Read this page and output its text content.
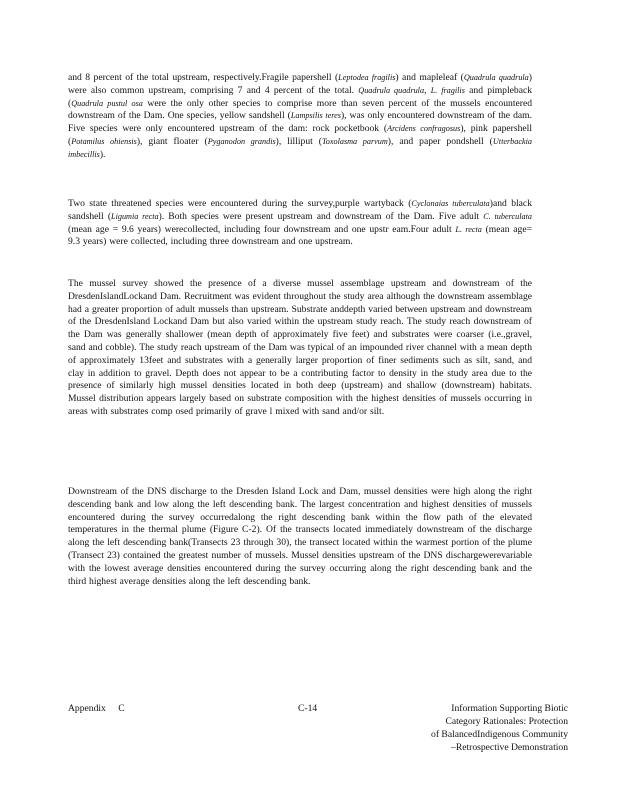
and 8 percent of the total upstream, respectively.Fragile papershell (Leptodea fragilis) and mapleleaf (Quadrula quadrula) were also common upstream, comprising 7 and 4 percent of the total. Quadrula quadrula, L. fragilis and pimpleback (Quadrula pustul osa were the only other species to comprise more than seven percent of the mussels encountered downstream of the Dam. One species, yellow sandshell (Lampsilis teres), was only encountered downstream of the dam. Five species were only encountered upstream of the dam: rock pocketbook (Arcidens confragosus), pink papershell (Potamilus ohiensis), giant floater (Pyganodon grandis), lilliput (Toxolasma parvum), and paper pondshell (Utterbackia imbecillis).

Two state threatened species were encountered during the survey,purple wartyback (Cyclonaias tuberculata)and black sandshell (Ligumia recta). Both species were present upstream and downstream of the Dam. Five adult C. tuberculata (mean age = 9.6 years) werecollected, including four downstream and one upstr eam.Four adult L. recta (mean age= 9.3 years) were collected, including three downstream and one upstream.

The mussel survey showed the presence of a diverse mussel assemblage upstream and downstream of the DresdenIslandLockand Dam. Recruitment was evident throughout the study area although the downstream assemblage had a greater proportion of adult mussels than upstream. Substrate anddepth varied between upstream and downstream of the DresdenIsland Lockand Dam but also varied within the upstream study reach. The study reach downstream of the Dam was generally shallower (mean depth of approximately five feet) and substrates were coarser (i.e.,gravel, sand and cobble). The study reach upstream of the Dam was typical of an impounded river channel with a mean depth of approximately 13feet and substrates with a generally larger proportion of finer sediments such as silt, sand, and clay in addition to gravel. Depth does not appear to be a contributing factor to density in the study area due to the presence of similarly high mussel densities located in both deep (upstream) and shallow (downstream) habitats. Mussel distribution appears largely based on substrate composition with the highest densities of mussels occurring in areas with substrates comp osed primarily of grave l mixed with sand and/or silt.

Downstream of the DNS discharge to the Dresden Island Lock and Dam, mussel densities were high along the right descending bank and low along the left descending bank. The largest concentration and highest densities of mussels encountered during the survey occurredalong the right descending bank within the flow path of the elevated temperatures in the thermal plume (Figure C-2). Of the transects located immediately downstream of the discharge along the left descending bank(Transects 23 through 30), the transect located within the warmest portion of the plume (Transect 23) contained the greatest number of mussels. Mussel densities upstream of the DNS dischargewerevariable with the lowest average densities encountered during the survey occurring along the right descending bank and the third highest average densities along the left descending bank.

Appendix C	C-14	Information Supporting Biotic
Category Rationales: Protection
of BalancedIndigenous Community
–Retrospective Demonstration
